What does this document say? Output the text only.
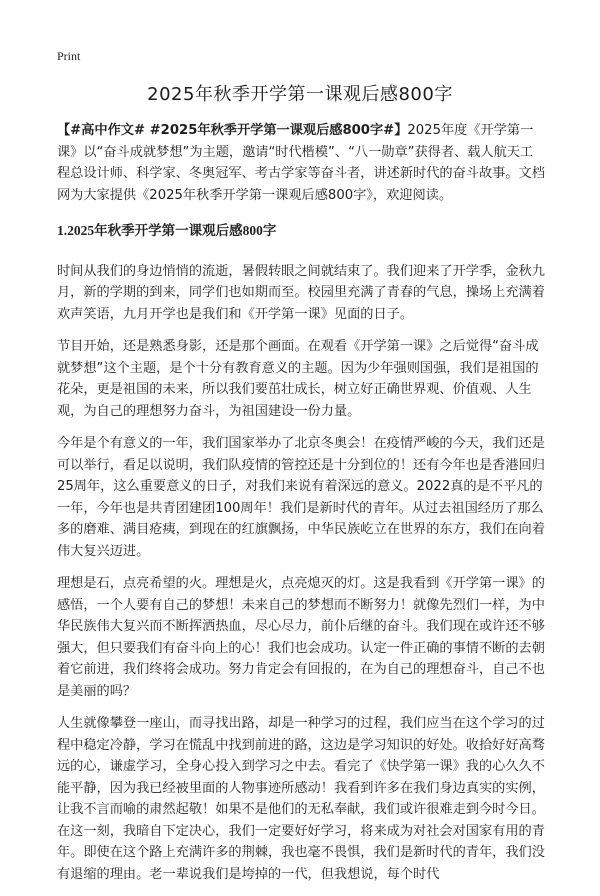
Print
2025年秋季开学第一课观后感800字

【#高中作文# #2025年秋季开学第一课观后感800字#】2025年度《开学第一课》以“奋斗成就梦想”为主题，邀请“时代楷模”、“八一勋章”获得者、载人航天工程总设计师、科学家、冬奥冠军、考古学家等奋斗者，讲述新时代的奋斗故事。文档网为大家提供《2025年秋季开学第一课观后感800字》，欢迎阅读。

1.2025年秋季开学第一课观后感800字

时间从我们的身边悄悄的流逝，暑假转眼之间就结束了。我们迎来了开学季，金秋九月，新的学期的到来，同学们也如期而至。校园里充满了青春的气息，操场上充满着欢声笑语，九月开学也是我们和《开学第一课》见面的日子。

节目开始，还是熟悉身影，还是那个画面。在观看《开学第一课》之后觉得“奋斗成就梦想”这个主题，是个十分有教育意义的主题。因为少年强则国强，我们是祖国的花朵，更是祖国的未来，所以我们要茁壮成长，树立好正确世界观、价值观、人生观，为自己的理想努力奋斗，为祖国建设一份力量。

今年是个有意义的一年，我们国家举办了北京冬奥会！在疫情严峻的今天，我们还是可以举行，看足以说明，我们队疫情的管控还是十分到位的！还有今年也是香港回归25周年，这么重要意义的日子，对我们来说有着深远的意义。2022真的是不平凡的一年，今年也是共青团建团100周年！我们是新时代的青年。从过去祖国经历了那么多的磨难、满目疮痍，到现在的红旗飘扬，中华民族屹立在世界的东方，我们在向着伟大复兴迈进。

理想是石，点亮希望的火。理想是火，点亮熄灭的灯。这是我看到《开学第一课》的感悟，一个人要有自己的梦想！未来自己的梦想而不断努力！就像先烈们一样，为中华民族伟大复兴而不断挥洒热血，尽心尽力，前仆后继的奋斗。我们现在或许还不够强大，但只要我们有奋斗向上的心！我们也会成功。认定一件正确的事情不断的去朝着它前进，我们终将会成功。努力肯定会有回报的，在为自己的理想奋斗，自己不也是美丽的吗？

人生就像攀登一座山，而寻找出路，却是一种学习的过程，我们应当在这个学习的过程中稳定冷静，学习在慌乱中找到前进的路，这边是学习知识的好处。收拾好好高骛远的心，谦虚学习，全身心投入到学习之中去。看完了《快学第一课》我的心久久不能平静，因为我已经被里面的人物事迹所感动！我看到许多在我们身边真实的实例，让我不言而喻的肃然起敬！如果不是他们的无私奉献，我们或许很难走到今时今日。在这一刻，我暗自下定决心，我们一定要好好学习，将来成为对社会对国家有用的青年。即使在这个路上充满许多的荆棘，我也毫不畏惧，我们是新时代的青年，我们没有退缩的理由。老一辈说我们是垮掉的一代，但我想说，每个时代
